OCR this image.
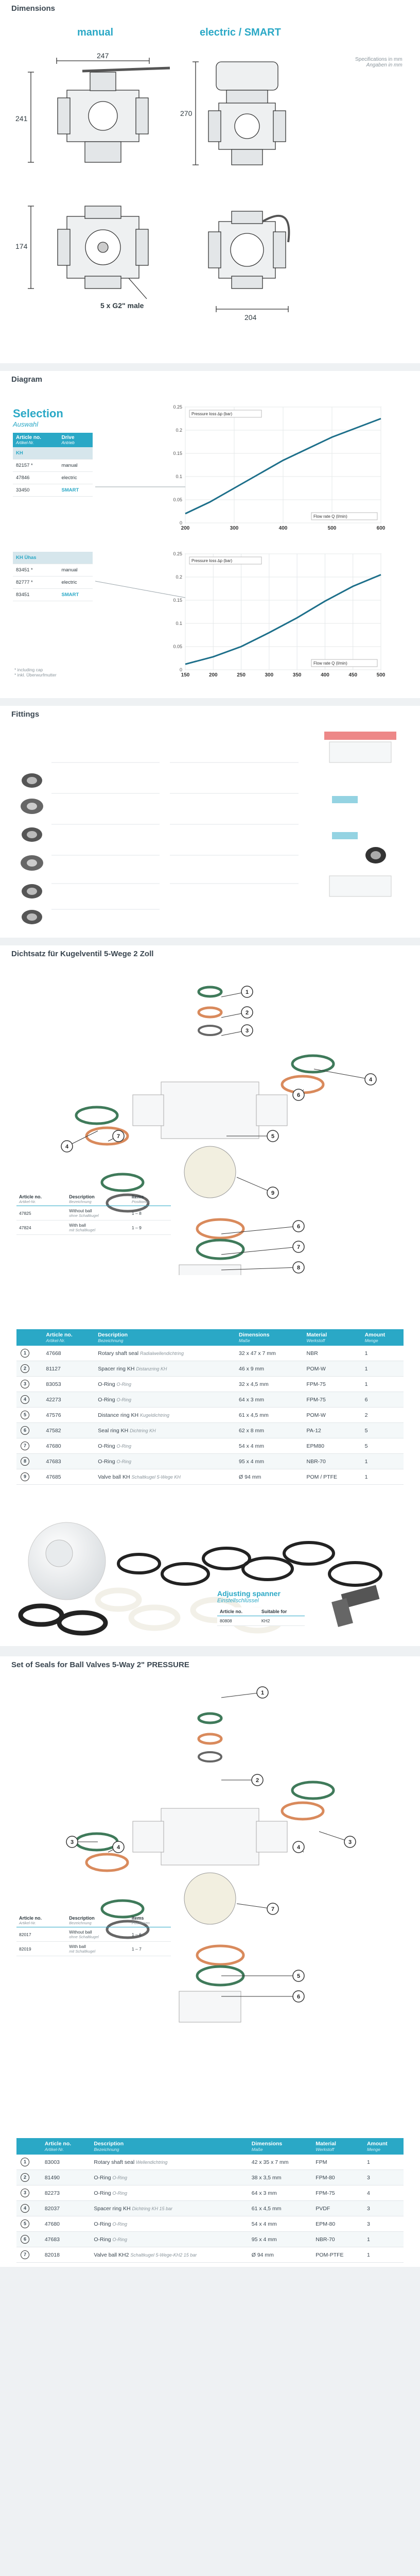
Dimensions
manual	electric / SMART
Specifications in mm
Angaben in mm
247
241
270
174
204
5 x G2" male
Diagram
Selection
Auswahl
Article no.
Artikel-Nr.	Drive
Antrieb

KH	
82157 *	manual
47846	electric
33450	SMART

KH Ühas	
83451 *	manual
82777 *	electric
83451	SMART
* including cap
* inkl. Überwurfmutter
0.25
0.2
0.15
0.1
0.05
0
200	300	400	500	600
Pressure loss ∆p (bar)
Flow rate Q (l/min)
0.25
0.2
0.15
0.1
0.05
0
150	200	250	300	350	400	450	500
Pressure loss ∆p (bar)
Flow rate Q (l/min)
Fittings
Dichtsatz für Kugelventil 5-Wege 2 Zoll
1
2
3
4
4
5
6
6
7
7
8
9
Article no.
Artikel-Nr.	Description
Bezeichnung	Items
Positionen

47825	Without ball
ohne Schaltkugel	1 – 8
47824	With ball
mit Schaltkugel	1 – 9
	Article no.
Artikel-Nr.	Description
Bezeichnung	Dimensions
Maße	Material
Werkstoff	Amount
Menge

1	47668	Rotary shaft seal Radialwellendichtring	32 x 47 x 7 mm	NBR	1
2	81127	Spacer ring KH Distanzring KH	46 x 9 mm	POM-W	1
3	83053	O-Ring O-Ring	32 x 4,5 mm	FPM-75	1
4	42273	O-Ring O-Ring	64 x 3 mm	FPM-75	6
5	47576	Distance ring KH Kugeldichtring	61 x 4,5 mm	POM-W	2
6	47582	Seal ring KH Dichtring KH	62 x 8 mm	PA-12	5
7	47680	O-Ring O-Ring	54 x 4 mm	EPM80	5
8	47683	O-Ring O-Ring	95 x 4 mm	NBR-70	1
9	47685	Valve ball KH Schaltkugel 5-Wege KH	Ø 94 mm	POM / PTFE	1
Adjusting spanner
Einstellschlüssel
Article no.	Suitable for
80808	KH2
Set of Seals for Ball Valves 5-Way 2" PRESSURE
1
2
3	3
4	4
5
6
7
Article no.
Artikel-Nr.	Description
Bezeichnung	Items
Positionen

82017	Without ball
ohne Schaltkugel	1 – 6
82019	With ball
mit Schaltkugel	1 – 7
	Article no.
Artikel-Nr.	Description
Bezeichnung	Dimensions
Maße	Material
Werkstoff	Amount
Menge

1	83003	Rotary shaft seal Wellendichtring	42 x 35 x 7 mm	FPM	1
2	81490	O-Ring O-Ring	38 x 3,5 mm	FPM-80	3
3	82273	O-Ring O-Ring	64 x 3 mm	FPM-75	4
4	82037	Spacer ring KH Dichtring KH 15 bar	61 x 4,5 mm	PVDF	3
5	47680	O-Ring O-Ring	54 x 4 mm	EPM-80	3
6	47683	O-Ring O-Ring	95 x 4 mm	NBR-70	1
7	82018	Valve ball KH2 Schaltkugel 5-Wege-KH2 15 bar	Ø 94 mm	POM-PTFE	1
